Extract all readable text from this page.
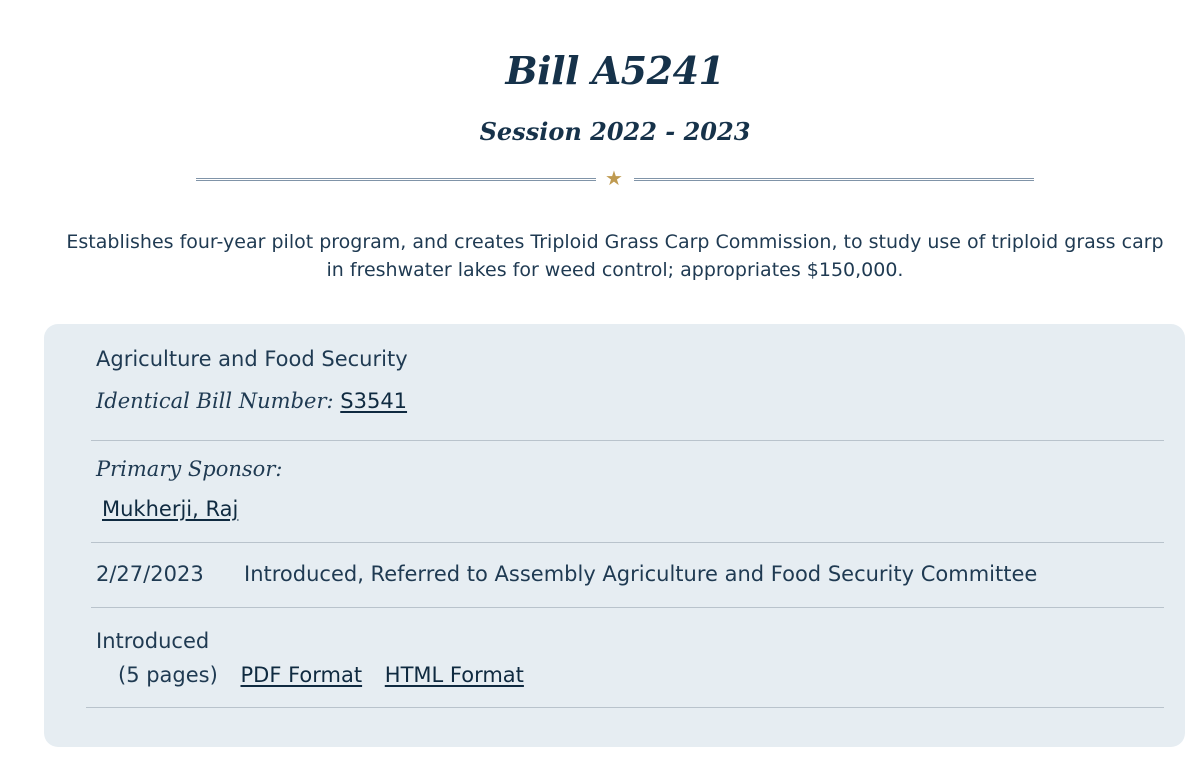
Bill A5241
Session 2022 - 2023
★

Establishes four-year pilot program, and creates Triploid Grass Carp Commission, to study use of triploid grass carp in freshwater lakes for weed control; appropriates $150,000.

Agriculture and Food Security
Identical Bill Number: S3541
Primary Sponsor:
Mukherji, Raj
2/27/2023 Introduced, Referred to Assembly Agriculture and Food Security Committee
Introduced
(5 pages) PDF Format HTML Format
